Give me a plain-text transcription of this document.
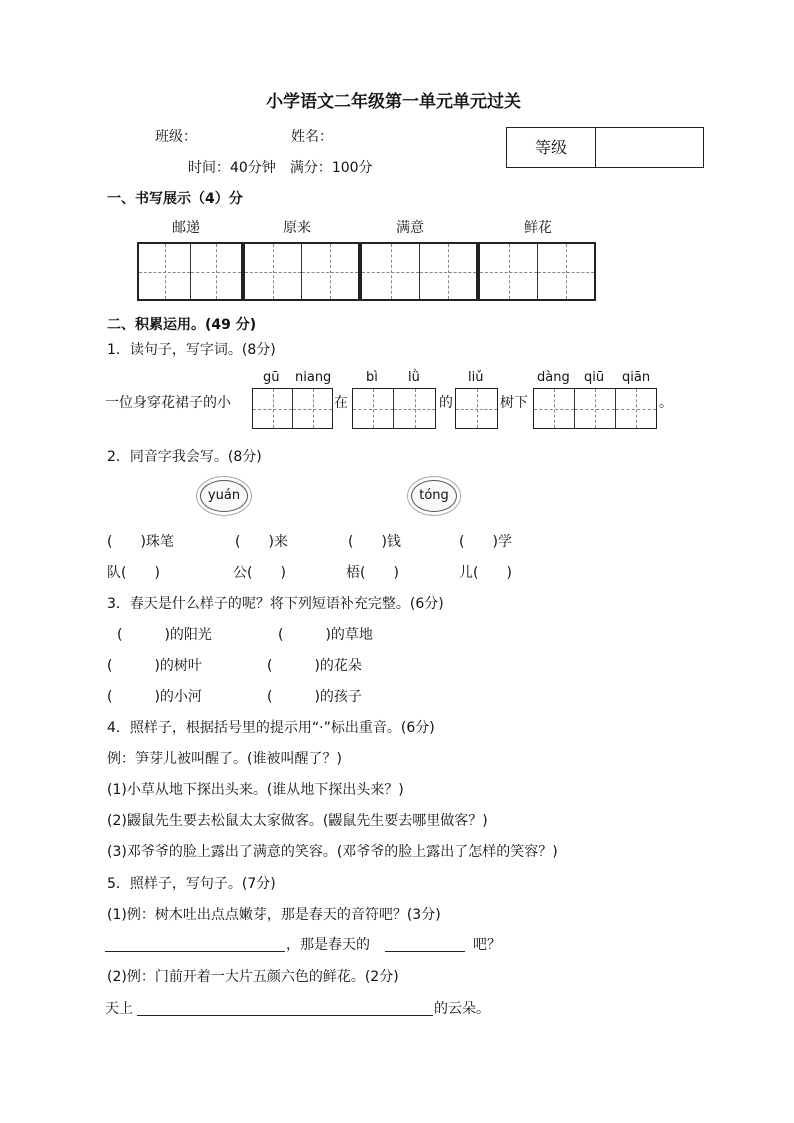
小学语文二年级第一单元单元过关
班级：	姓名：
时间：40分钟　满分：100分
等级
一、书写展示（4）分
邮递	原来	满意	鲜花
二、积累运用。(49 分)
1．读句子，写字词。(8分)
gū niang	bì lǜ	liǔ	dàng qiū qiān
一位身穿花裙子的小	在	的	树下	。
2．同音字我会写。(8分)
yuán	tóng
(　　)珠笔	(　　)来	(　　)钱	(　　)学
队(　　)	公(　　)	梧(　　)	儿(　　)
3．春天是什么样子的呢？将下列短语补充完整。(6分)
(　　　)的阳光	(　　　)的草地
(　　　)的树叶	(　　　)的花朵
(　　　)的小河	(　　　)的孩子
4．照样子，根据括号里的提示用“·”标出重音。(6分)
例：笋芽儿被叫醒了。(谁被叫醒了？)
(1)小草从地下探出头来。(谁从地下探出头来？)
(2)鼹鼠先生要去松鼠太太家做客。(鼹鼠先生要去哪里做客？)
(3)邓爷爷的脸上露出了满意的笑容。(邓爷爷的脸上露出了怎样的笑容？)
5．照样子，写句子。(7分)
(1)例：树木吐出点点嫩芽，那是春天的音符吧？(3分)
，那是春天的	吧？
(2)例：门前开着一大片五颜六色的鲜花。(2分)
天上	的云朵。
